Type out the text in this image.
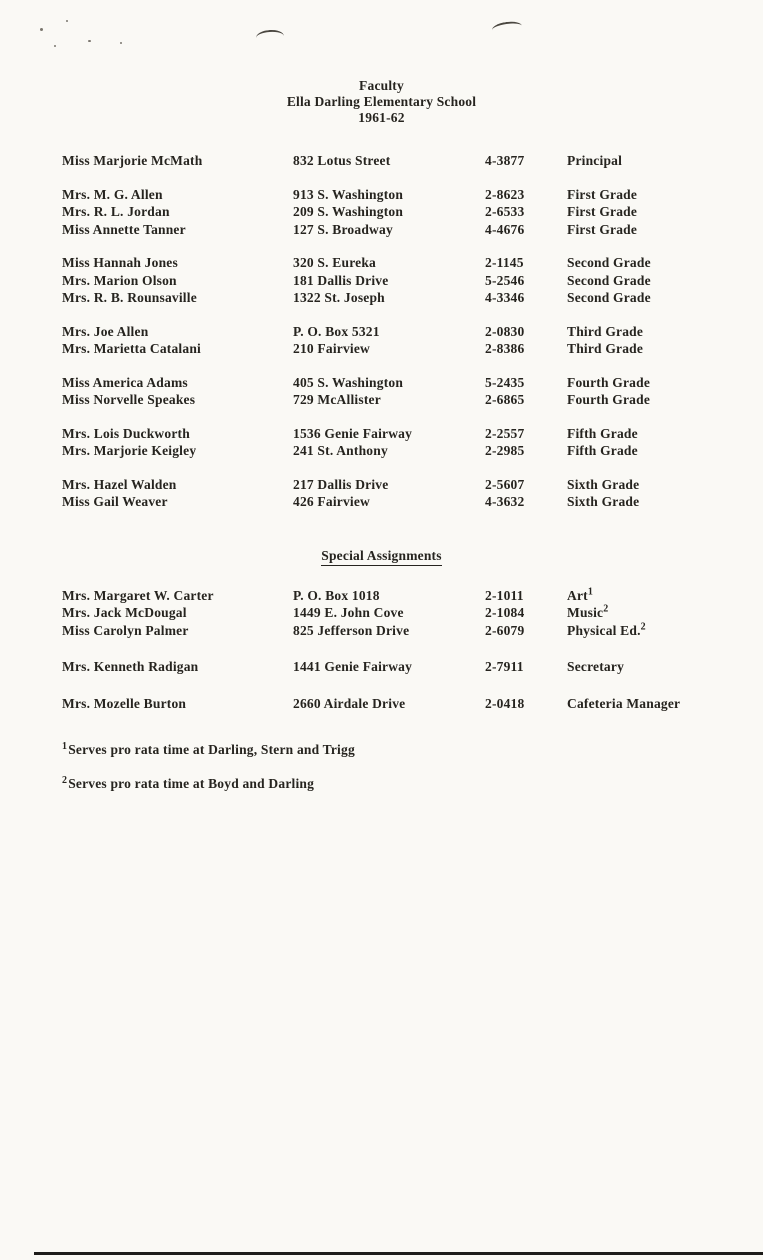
Faculty
Ella Darling Elementary School
1961-62
Miss Marjorie McMath	832 Lotus Street	4-3877	Principal
Mrs. M. G. Allen	913 S. Washington	2-8623	First Grade
Mrs. R. L. Jordan	209 S. Washington	2-6533	First Grade
Miss Annette Tanner	127 S. Broadway	4-4676	First Grade
Miss Hannah Jones	320 S. Eureka	2-1145	Second Grade
Mrs. Marion Olson	181 Dallis Drive	5-2546	Second Grade
Mrs. R. B. Rounsaville	1322 St. Joseph	4-3346	Second Grade
Mrs. Joe Allen	P. O. Box 5321	2-0830	Third Grade
Mrs. Marietta Catalani	210 Fairview	2-8386	Third Grade
Miss America Adams	405 S. Washington	5-2435	Fourth Grade
Miss Norvelle Speakes	729 McAllister	2-6865	Fourth Grade
Mrs. Lois Duckworth	1536 Genie Fairway	2-2557	Fifth Grade
Mrs. Marjorie Keigley	241 St. Anthony	2-2985	Fifth Grade
Mrs. Hazel Walden	217 Dallis Drive	2-5607	Sixth Grade
Miss Gail Weaver	426 Fairview	4-3632	Sixth Grade
Special Assignments
Mrs. Margaret W. Carter	P. O. Box 1018	2-1011	Art$^1$
Mrs. Jack McDougal	1449 E. John Cove	2-1084	Music$^2$
Miss Carolyn Palmer	825 Jefferson Drive	2-6079	Physical Ed.$^2$
Mrs. Kenneth Radigan	1441 Genie Fairway	2-7911	Secretary
Mrs. Mozelle Burton	2660 Airdale Drive	2-0418	Cafeteria Manager
$^1$Serves pro rata time at Darling, Stern and Trigg
$^2$Serves pro rata time at Boyd and Darling
